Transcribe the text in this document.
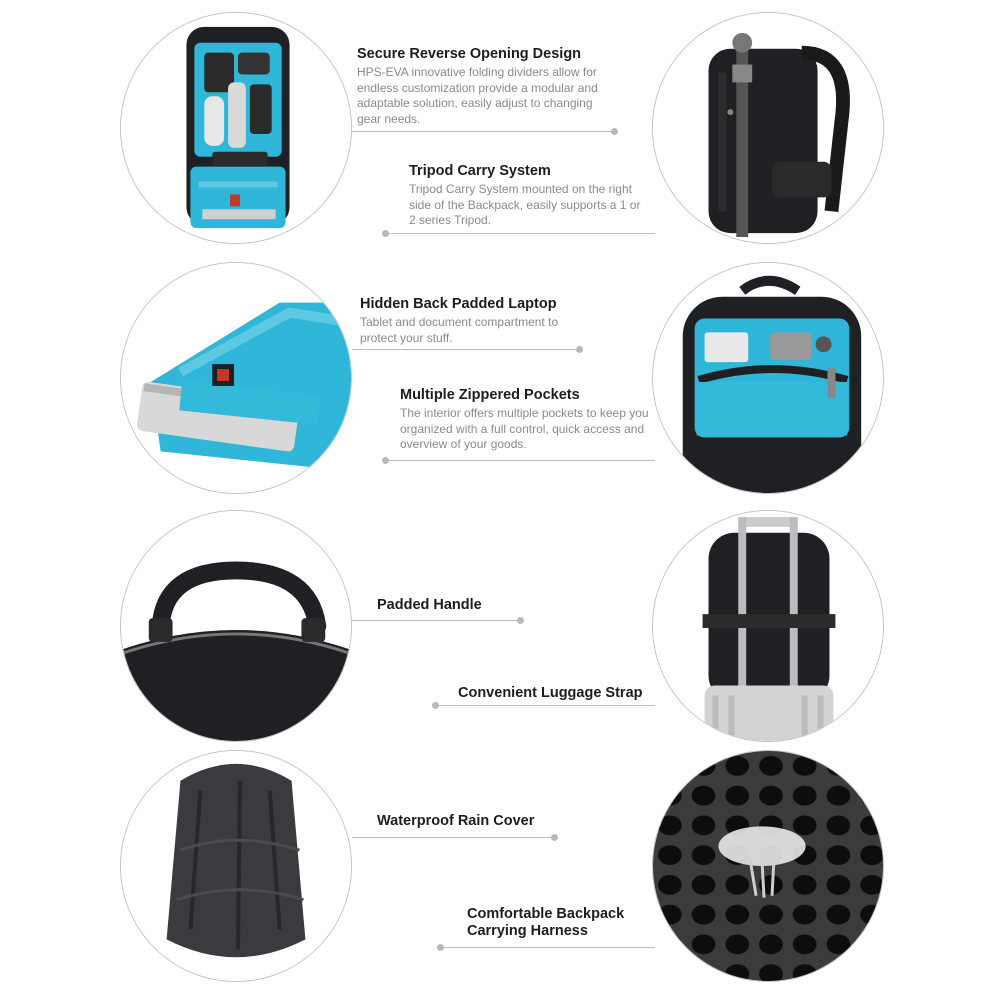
Secure Reverse Opening Design
HPS-EVA innovative folding dividers allow for endless customization provide a modular and adaptable solution, easily adjust to changing gear needs.
Tripod Carry System
Tripod Carry System mounted on the right side of the Backpack, easily supports a 1 or 2 series Tripod.
Hidden Back Padded Laptop
Tablet and document compartment to protect your stuff.
Multiple Zippered Pockets
The interior offers multiple pockets to keep you organized with a full control, quick access and overview of your goods.
Padded Handle
Convenient Luggage Strap
Waterproof Rain Cover
Comfortable Backpack
Carrying Harness
